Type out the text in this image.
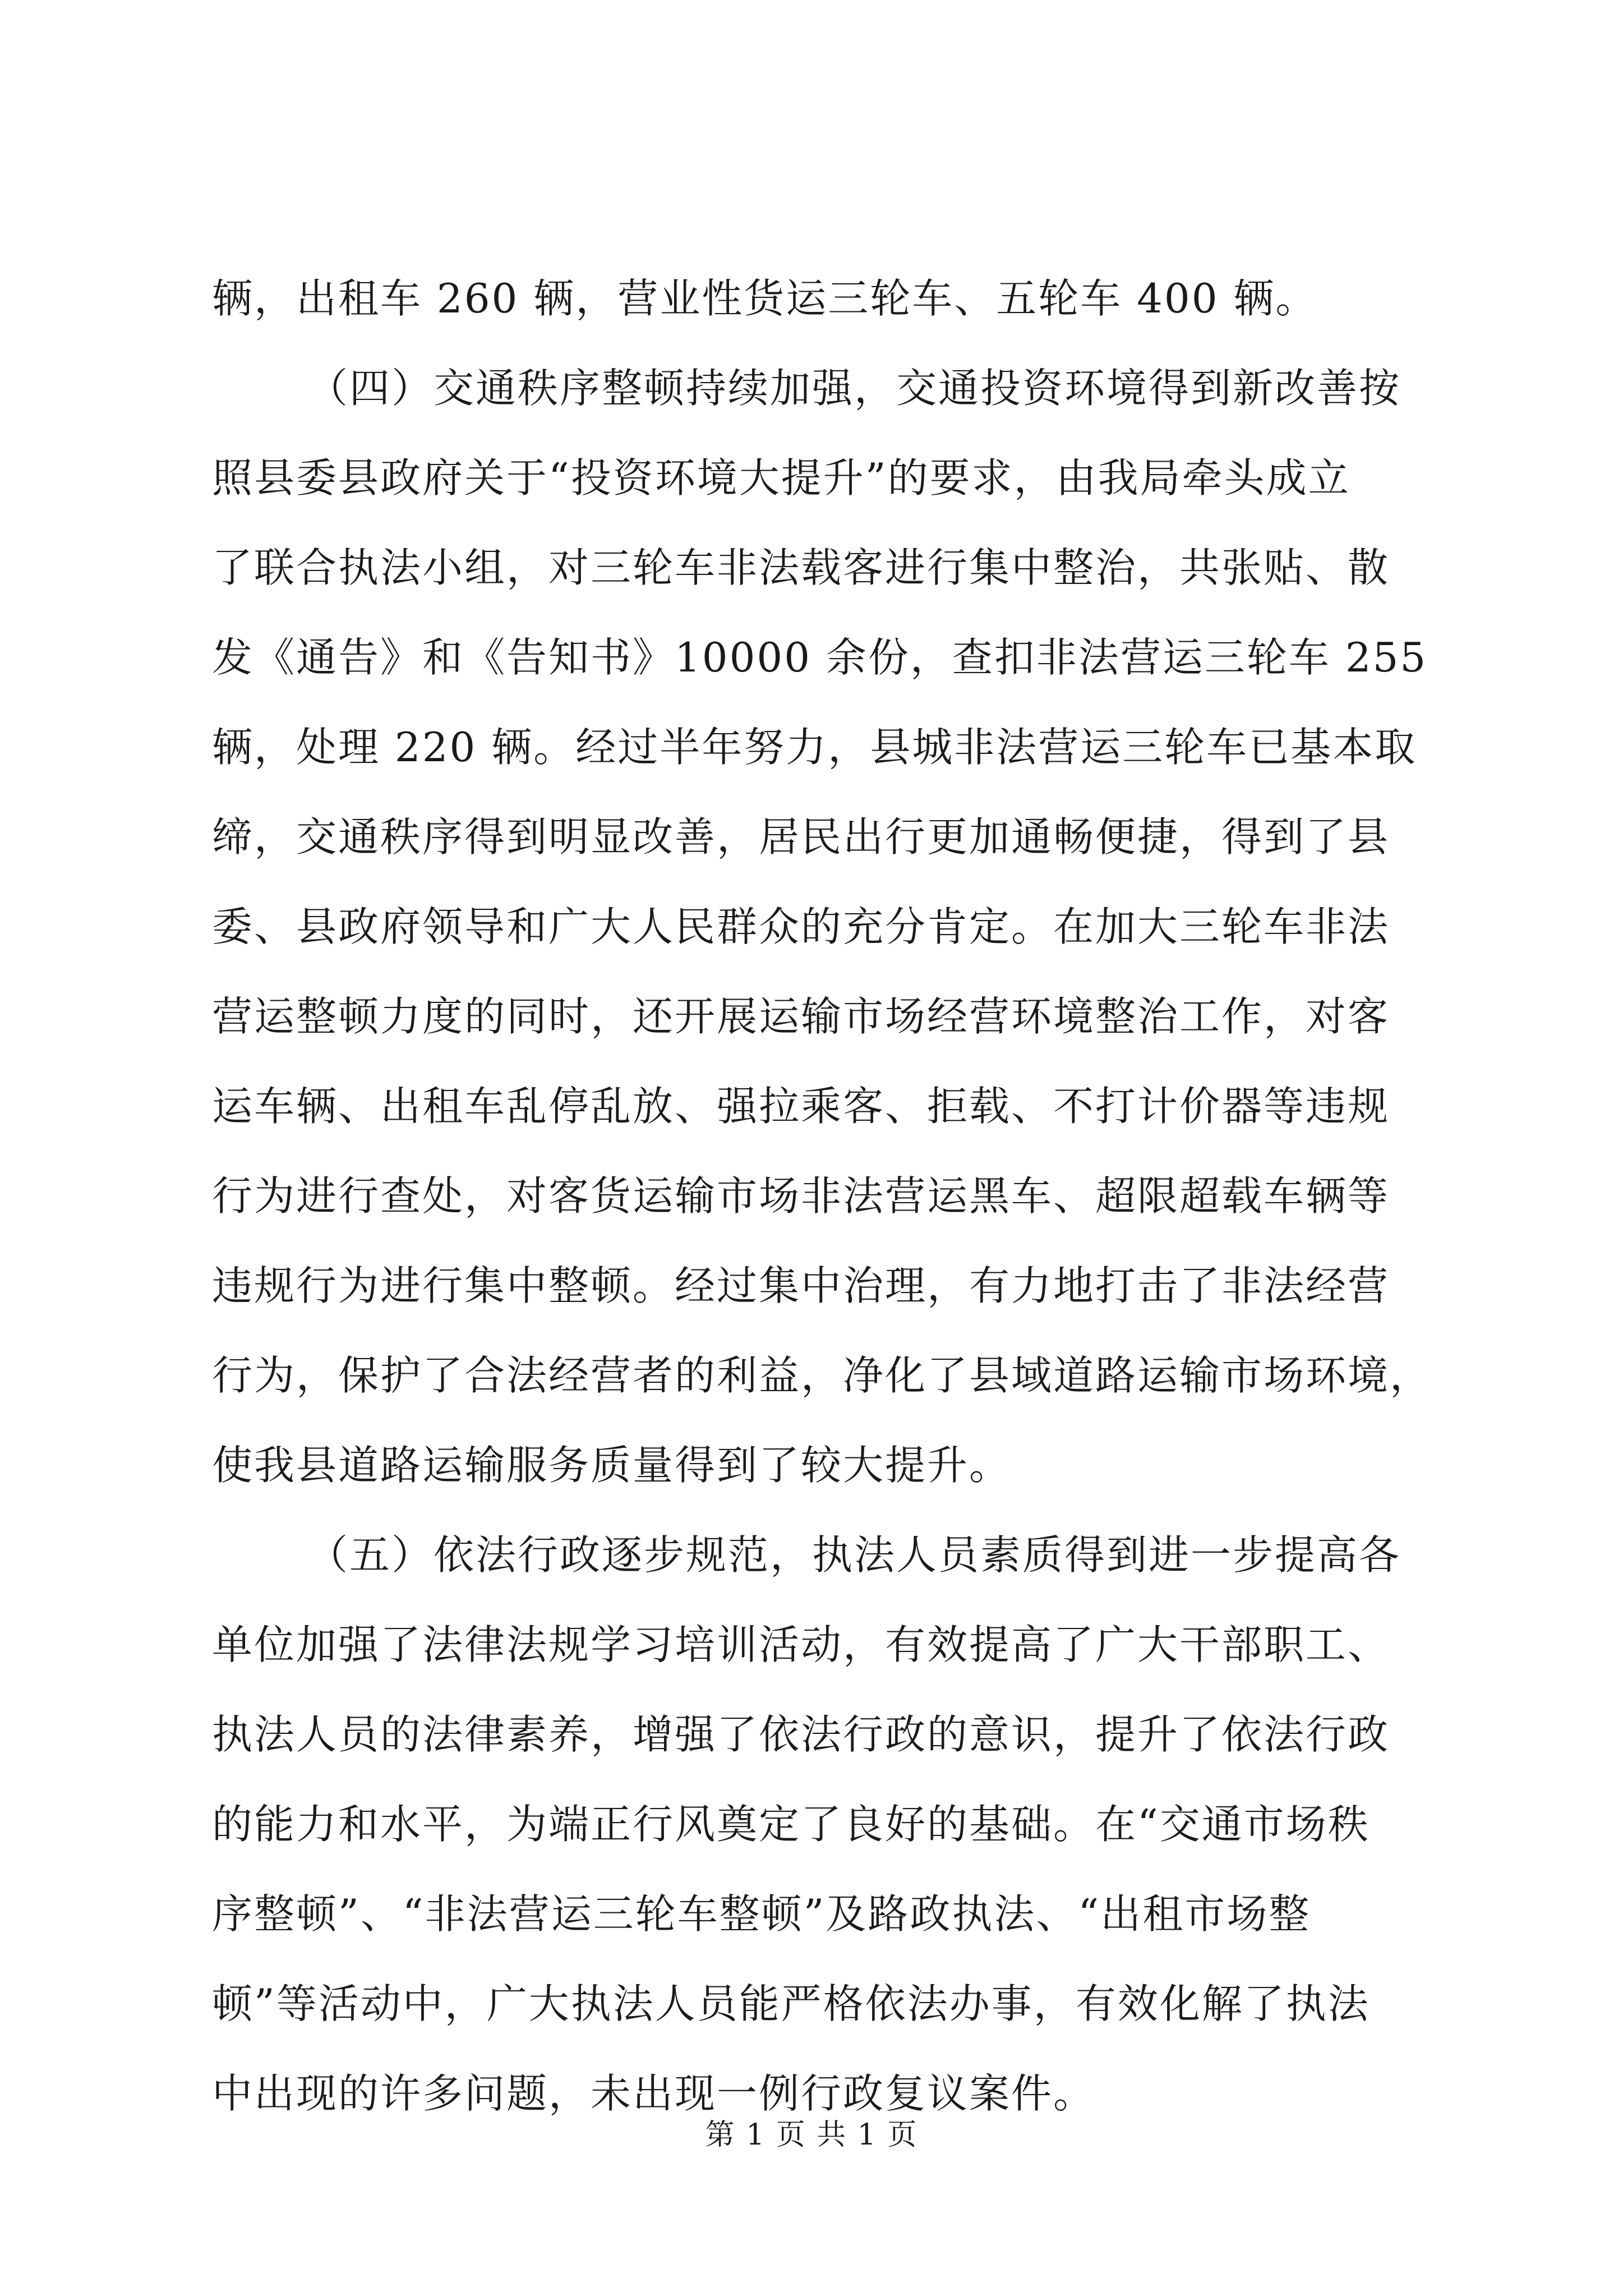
辆，出租车 260 辆，营业性货运三轮车、五轮车 400 辆。
（四）交通秩序整顿持续加强，交通投资环境得到新改善按
照县委县政府关于“投资环境大提升”的要求，由我局牵头成立
了联合执法小组，对三轮车非法载客进行集中整治，共张贴、散
发《通告》和《告知书》10000 余份，查扣非法营运三轮车 255
辆，处理 220 辆。经过半年努力，县城非法营运三轮车已基本取
缔，交通秩序得到明显改善，居民出行更加通畅便捷，得到了县
委、县政府领导和广大人民群众的充分肯定。在加大三轮车非法
营运整顿力度的同时，还开展运输市场经营环境整治工作，对客
运车辆、出租车乱停乱放、强拉乘客、拒载、不打计价器等违规
行为进行查处，对客货运输市场非法营运黑车、超限超载车辆等
违规行为进行集中整顿。经过集中治理，有力地打击了非法经营
行为，保护了合法经营者的利益，净化了县域道路运输市场环境，
使我县道路运输服务质量得到了较大提升。
（五）依法行政逐步规范，执法人员素质得到进一步提高各
单位加强了法律法规学习培训活动，有效提高了广大干部职工、
执法人员的法律素养，增强了依法行政的意识，提升了依法行政
的能力和水平，为端正行风奠定了良好的基础。在“交通市场秩
序整顿”、“非法营运三轮车整顿”及路政执法、“出租市场整
顿”等活动中，广大执法人员能严格依法办事，有效化解了执法
中出现的许多问题，未出现一例行政复议案件。
第 1 页 共 1 页
